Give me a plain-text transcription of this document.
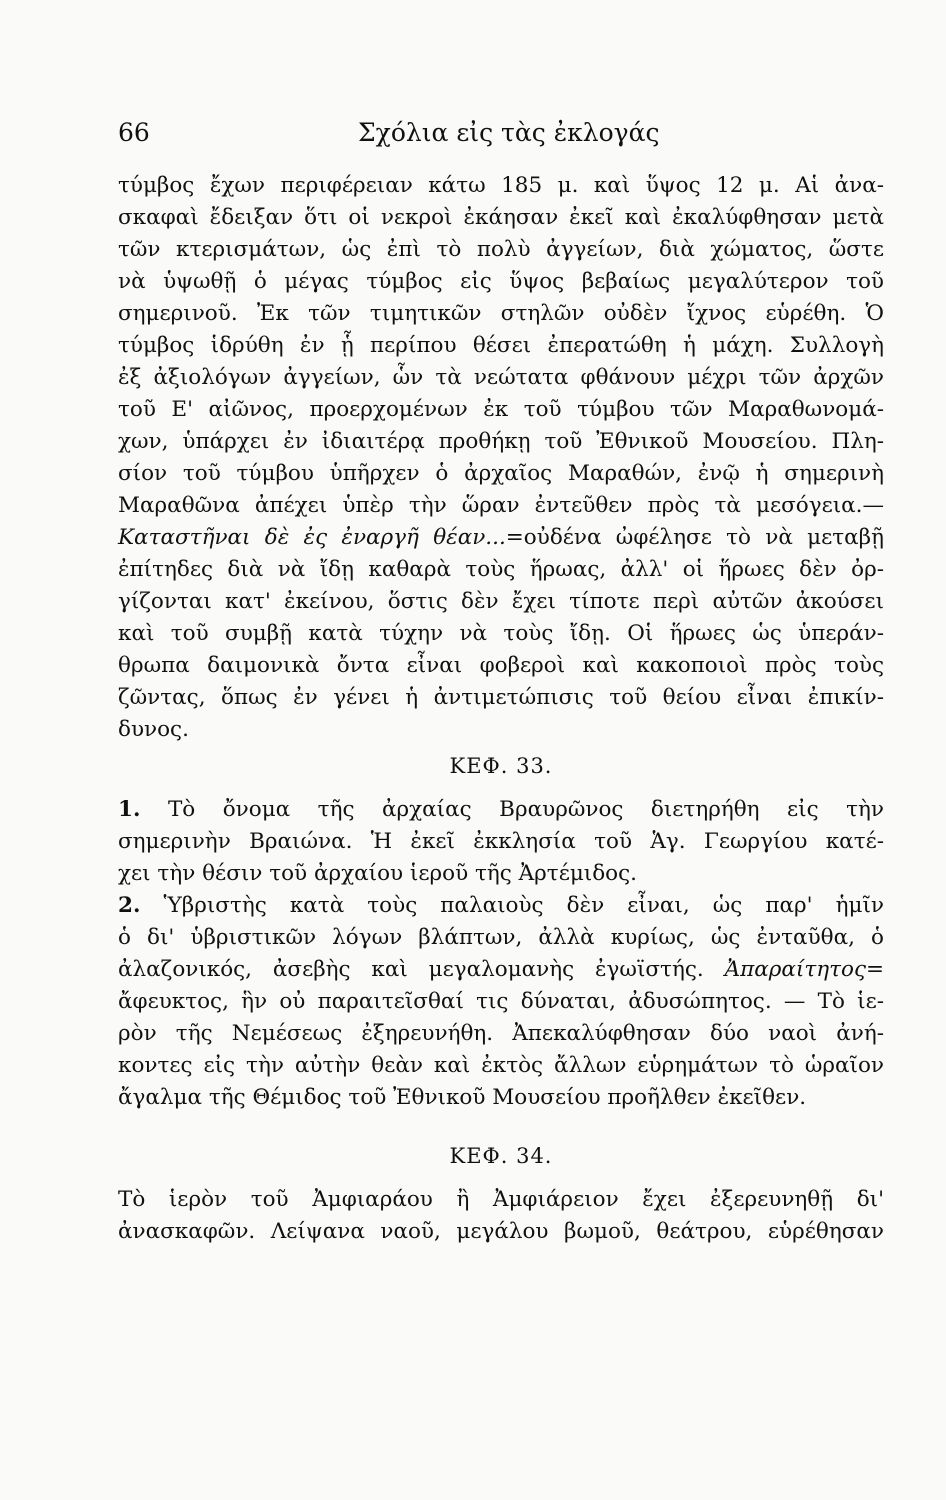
66	Σχόλια εἰς τὰς ἐκλογάς
τύμβος ἔχων περιφέρειαν κάτω 185 μ. καὶ ὕψος 12 μ. Αἱ ἀνα-
σκαφαὶ ἔδειξαν ὅτι οἱ νεκροὶ ἐκάησαν ἐκεῖ καὶ ἐκαλύφθησαν μετὰ
τῶν κτερισμάτων, ὡς ἐπὶ τὸ πολὺ ἀγγείων, διὰ χώματος, ὥστε
νὰ ὑψωθῇ ὁ μέγας τύμβος εἰς ὕψος βεβαίως μεγαλύτερον τοῦ
σημερινοῦ. Ἐκ τῶν τιμητικῶν στηλῶν οὐδὲν ἴχνος εὑρέθη. Ὁ
τύμβος ἱδρύθη ἐν ᾗ περίπου θέσει ἐπερατώθη ἡ μάχη. Συλλογὴ
ἐξ ἀξιολόγων ἀγγείων, ὧν τὰ νεώτατα φθάνουν μέχρι τῶν ἀρχῶν
τοῦ Ε' αἰῶνος, προερχομένων ἐκ τοῦ τύμβου τῶν Μαραθωνομά-
χων, ὑπάρχει ἐν ἰδιαιτέρᾳ προθήκῃ τοῦ Ἐθνικοῦ Μουσείου. Πλη-
σίον τοῦ τύμβου ὑπῆρχεν ὁ ἀρχαῖος Μαραθών, ἐνῷ ἡ σημερινὴ
Μαραθῶνα ἀπέχει ὑπὲρ τὴν ὥραν ἐντεῦθεν πρὸς τὰ μεσόγεια.—
Καταστῆναι δὲ ἐς ἐναργῆ θέαν...=οὐδένα ὠφέλησε τὸ νὰ μεταβῇ
ἐπίτηδες διὰ νὰ ἴδῃ καθαρὰ τοὺς ἥρωας, ἀλλ' οἱ ἥρωες δὲν ὀρ-
γίζονται κατ' ἐκείνου, ὅστις δὲν ἔχει τίποτε περὶ αὐτῶν ἀκούσει
καὶ τοῦ συμβῇ κατὰ τύχην νὰ τοὺς ἴδῃ. Οἱ ἥρωες ὡς ὑπεράν-
θρωπα δαιμονικὰ ὄντα εἶναι φοβεροὶ καὶ κακοποιοὶ πρὸς τοὺς
ζῶντας, ὅπως ἐν γένει ἡ ἀντιμετώπισις τοῦ θείου εἶναι ἐπικίν-
δυνος.
ΚΕΦ. 33.
1. Τὸ ὄνομα τῆς ἀρχαίας Βραυρῶνος διετηρήθη εἰς τὴν
σημερινὴν Βραιώνα. Ἡ ἐκεῖ ἐκκλησία τοῦ Ἁγ. Γεωργίου κατέ-
χει τὴν θέσιν τοῦ ἀρχαίου ἱεροῦ τῆς Ἀρτέμιδος.
2. Ὑβριστὴς κατὰ τοὺς παλαιοὺς δὲν εἶναι, ὡς παρ' ἡμῖν
ὁ δι' ὑβριστικῶν λόγων βλάπτων, ἀλλὰ κυρίως, ὡς ἐνταῦθα, ὁ
ἀλαζονικός, ἀσεβὴς καὶ μεγαλομανὴς ἐγωϊστής. Ἀπαραίτητος=
ἄφευκτος, ἣν οὐ παραιτεῖσθαί τις δύναται, ἀδυσώπητος. — Τὸ ἱε-
ρὸν τῆς Νεμέσεως ἐξηρευνήθη. Ἀπεκαλύφθησαν δύο ναοὶ ἀνή-
κοντες εἰς τὴν αὐτὴν θεὰν καὶ ἐκτὸς ἄλλων εὑρημάτων τὸ ὡραῖον
ἄγαλμα τῆς Θέμιδος τοῦ Ἐθνικοῦ Μουσείου προῆλθεν ἐκεῖθεν.
ΚΕΦ. 34.
Τὸ ἱερὸν τοῦ Ἀμφιαράου ἢ Ἀμφιάρειον ἔχει ἐξερευνηθῇ δι'
ἀνασκαφῶν. Λείψανα ναοῦ, μεγάλου βωμοῦ, θεάτρου, εὑρέθησαν
